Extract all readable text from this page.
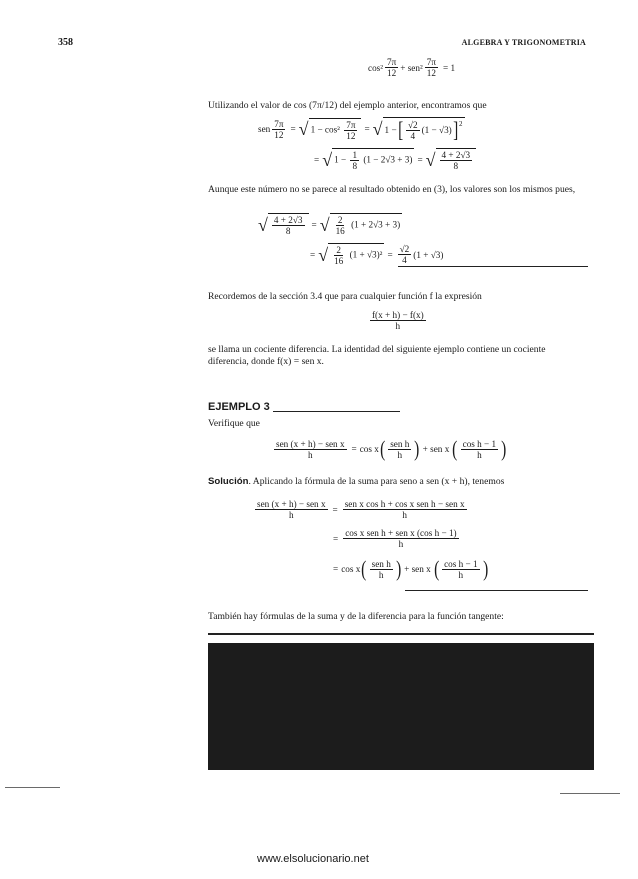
358	ALGEBRA Y TRIGONOMETRIA
$\cos^2 \frac{7\pi}{12} + sen^2 \frac{7\pi}{12} = 1$
Utilizando el valor de cos (7π/12) del ejemplo anterior, encontramos que
sen $\frac{7\pi}{12}$ = √ $1 - \cos^2 \frac{7\pi}{12}$ = √ 1 − [ $\frac{√2}{4} (1 - √3)$ ]$^2$
= √ $1 - \frac{1}{8} (1 - 2√3 + 3)$ = √ $\frac{4 + 2√3}{8}$
Aunque este número no se parece al resultado obtenido en (3), los valores son los mismos pues,
√ $\frac{4 + 2√3}{8}$ = √ $\frac{2}{16} (1 + 2√3 + 3)$
= √ $\frac{2}{16} (1 + √3)^2 = \frac{√2}{4} (1 + √3)$
Recordemos de la sección 3.4 que para cualquier función f la expresión
$\frac{f(x + h) - f(x)}{h}$
se llama un cociente diferencia. La identidad del siguiente ejemplo contiene un cociente diferencia, donde f(x) = sen x.
EJEMPLO 3
Verifique que
$\frac{\text{sen (x + h) − sen x}}{h} = \cos x$ ( $\frac{\text{sen h}}{h}$ ) + sen x ( $\frac{\text{cos h − 1}}{h}$ )
Solución. Aplicando la fórmula de la suma para seno a sen (x + h), tenemos
$\frac{\text{sen (x + h) − sen x}}{h} = \frac{\text{sen x cos h + cos x sen h − sen x}}{h}$
= $\frac{\text{cos x sen h + sen x (cos h − 1)}}{h}$
= cos x ( $\frac{\text{sen h}}{h}$ ) + sen x ( $\frac{\text{cos h − 1}}{h}$ )
También hay fórmulas de la suma y de la diferencia para la función tangente:
www.elsolucionario.net
